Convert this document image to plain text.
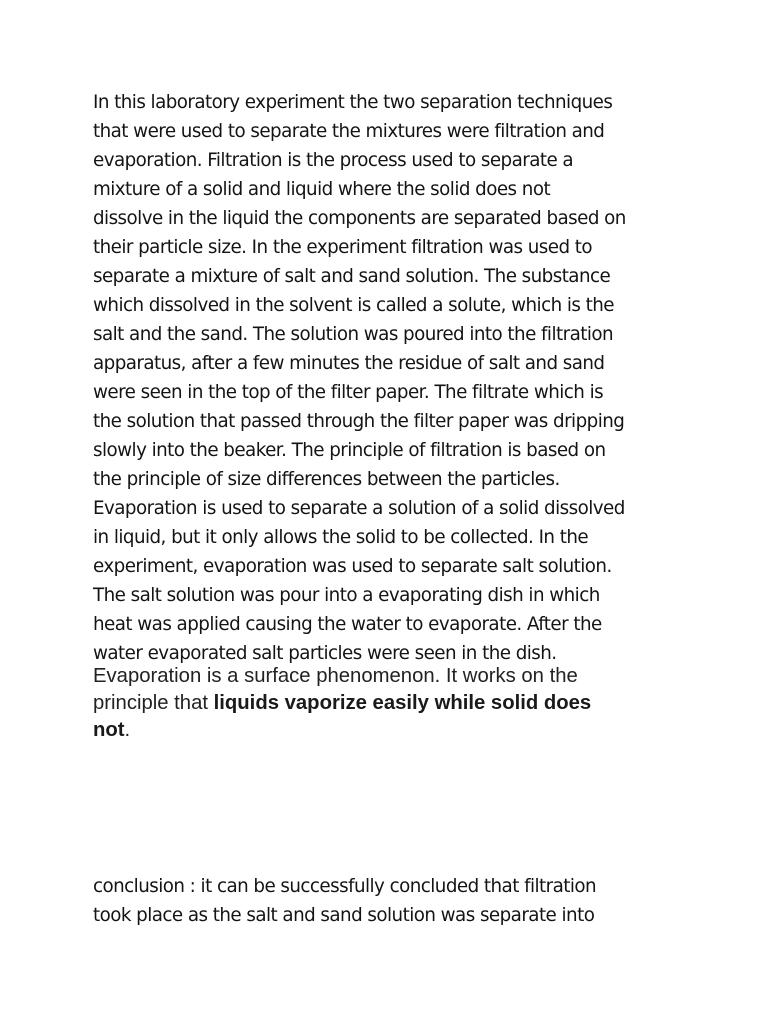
In this laboratory experiment the two separation techniques
that were used to separate the mixtures were filtration and
evaporation. Filtration is the process used to separate a
mixture of a solid and liquid where the solid does not
dissolve in the liquid the components are separated based on
their particle size. In the experiment filtration was used to
separate a mixture of salt and sand solution. The substance
which dissolved in the solvent is called a solute, which is the
salt and the sand. The solution was poured into the filtration
apparatus, after a few minutes the residue of salt and sand
were seen in the top of the filter paper. The filtrate which is
the solution that passed through the filter paper was dripping
slowly into the beaker. The principle of filtration is based on
the principle of size differences between the particles.
Evaporation is used to separate a solution of a solid dissolved
in liquid, but it only allows the solid to be collected. In the
experiment, evaporation was used to separate salt solution.
The salt solution was pour into a evaporating dish in which
heat was applied causing the water to evaporate. After the
water evaporated salt particles were seen in the dish.
Evaporation is a surface phenomenon. It works on the
principle that liquids vaporize easily while solid does
not.
conclusion : it can be successfully concluded that filtration
took place as the salt and sand solution was separate into
